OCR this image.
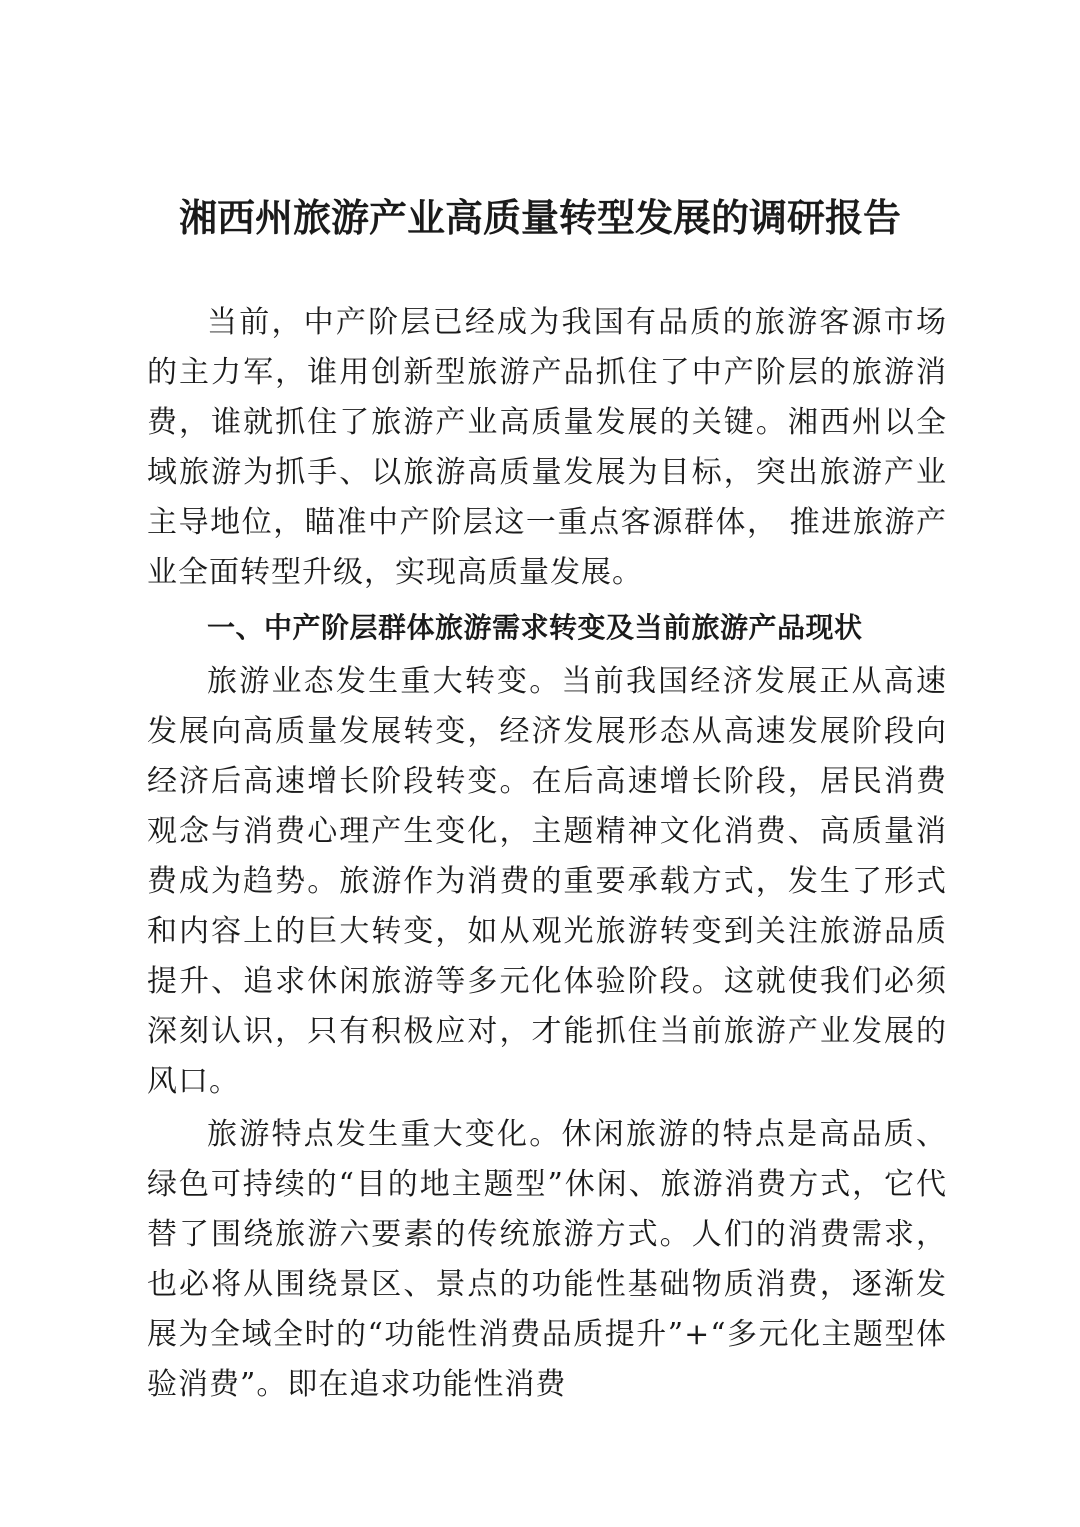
湘西州旅游产业高质量转型发展的调研报告

当前，中产阶层已经成为我国有品质的旅游客源市场的主力军，谁用创新型旅游产品抓住了中产阶层的旅游消费，谁就抓住了旅游产业高质量发展的关键。湘西州以全域旅游为抓手、以旅游高质量发展为目标，突出旅游产业主导地位，瞄准中产阶层这一重点客源群体， 推进旅游产业全面转型升级，实现高质量发展。

一、中产阶层群体旅游需求转变及当前旅游产品现状

旅游业态发生重大转变。当前我国经济发展正从高速发展向高质量发展转变，经济发展形态从高速发展阶段向经济后高速增长阶段转变。在后高速增长阶段，居民消费观念与消费心理产生变化，主题精神文化消费、高质量消费成为趋势。旅游作为消费的重要承载方式，发生了形式和内容上的巨大转变，如从观光旅游转变到关注旅游品质提升、追求休闲旅游等多元化体验阶段。这就使我们必须深刻认识，只有积极应对，才能抓住当前旅游产业发展的风口。

旅游特点发生重大变化。休闲旅游的特点是高品质、绿色可持续的“目的地主题型”休闲、旅游消费方式，它代替了围绕旅游六要素的传统旅游方式。人们的消费需求，也必将从围绕景区、景点的功能性基础物质消费，逐渐发展为全域全时的“功能性消费品质提升”+“多元化主题型体验消费”。即在追求功能性消费
